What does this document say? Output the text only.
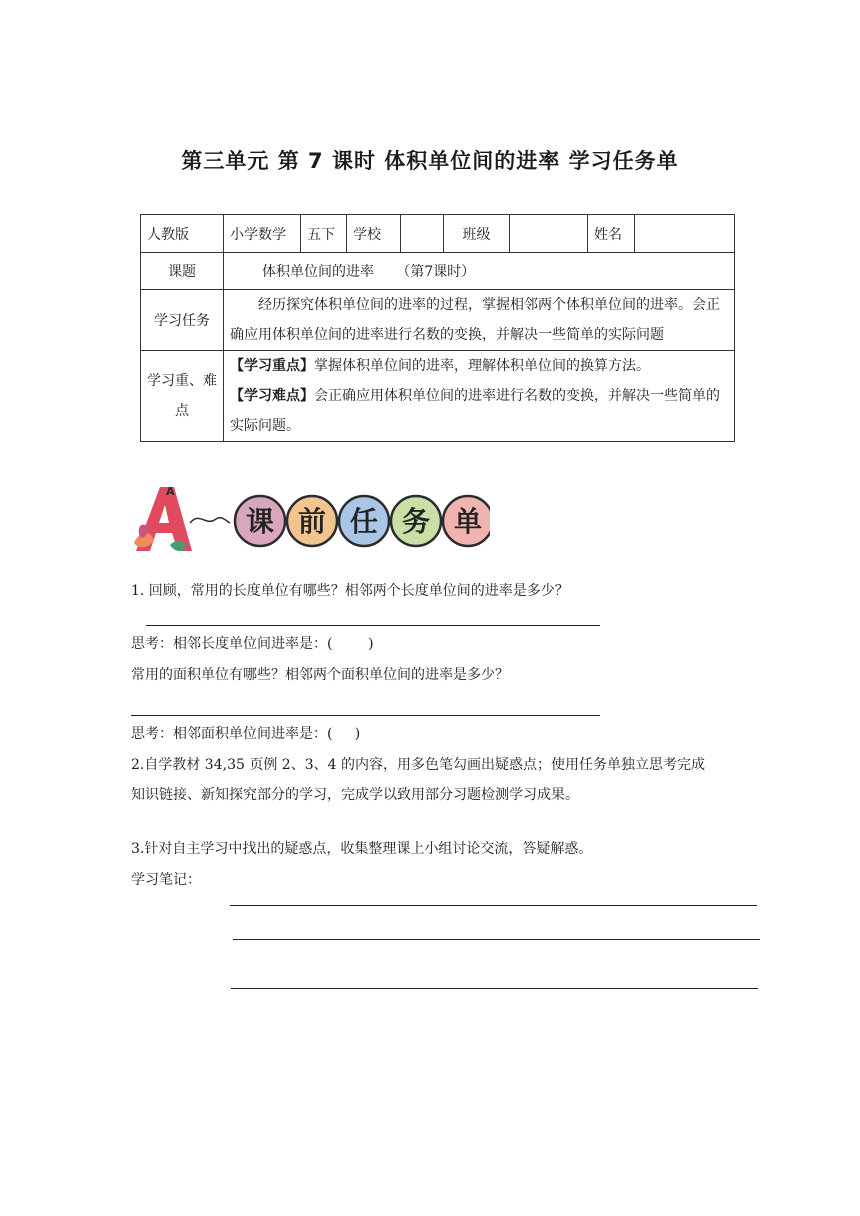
第三单元 第 7 课时 体积单位间的进率 学习任务单
人教版	小学数学	五下	学校		班级		姓名	
课题	体积单位间的进率     （第7课时）							
学习任务	经历探究体积单位间的进率的过程，掌握相邻两个体积单位间的进率。会正确应用体积单位间的进率进行名数的变换，并解决一些简单的实际问题							
学习重、难点	【学习重点】掌握体积单位间的进率，理解体积单位间的换算方法。

【学习难点】会正确应用体积单位间的进率进行名数的变换，并解决一些简单的实际问题。							

A
课 前 任 务 单
1. 回顾，常用的长度单位有哪些？相邻两个长度单位间的进率是多少？
思考：相邻长度单位间进率是：(        )
常用的面积单位有哪些？相邻两个面积单位间的进率是多少？
思考：相邻面积单位间进率是：(     )
2.自学教材 34,35 页例 2、3、4 的内容，用多色笔勾画出疑惑点；使用任务单独立思考完成
知识链接、新知探究部分的学习，完成学以致用部分习题检测学习成果。
3.针对自主学习中找出的疑惑点，收集整理课上小组讨论交流，答疑解惑。
学习笔记：
